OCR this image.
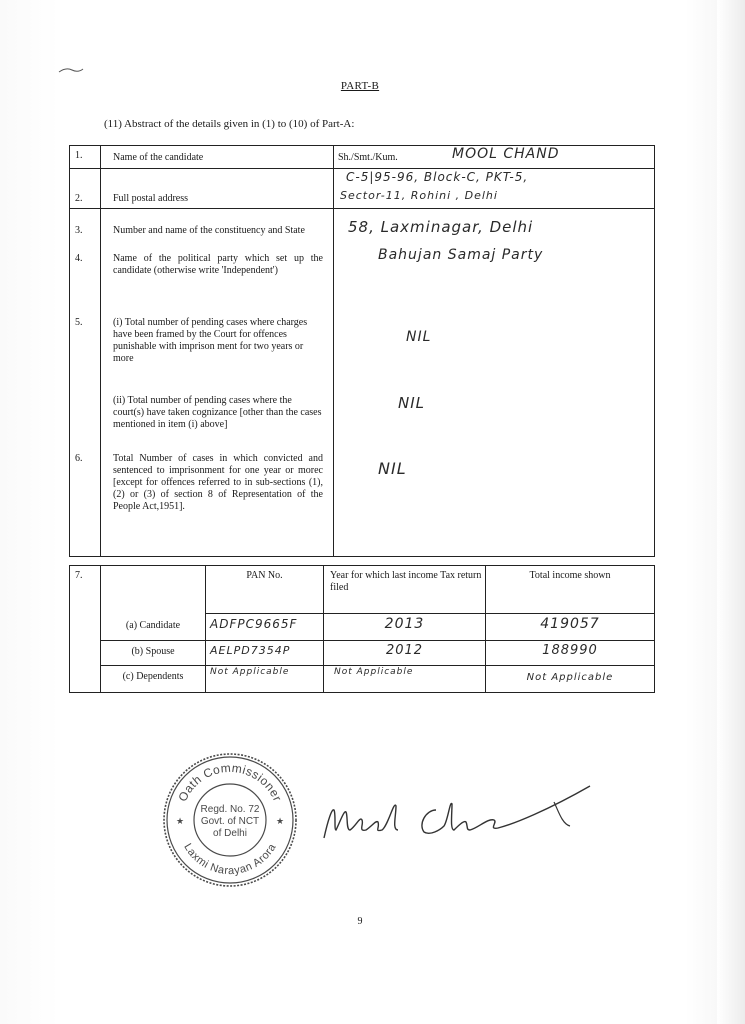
PART-B
(11) Abstract of the details given in (1) to (10) of Part-A:
1.	Name of the candidate	Sh./Smt./Kum. MOOL CHAND

2.	Full postal address	C-5|95-96, Block-C, PKT-5,
Sector-11, Rohini , Delhi

3.	Number and name of the constituency and State	58, Laxminagar, Delhi

4.	Name of the political party which set up the candidate (otherwise write 'Independent')	Bahujan Samaj Party

5.	(i) Total number of pending cases where charges have been framed by the Court for offences punishable with imprison ment for two years or more	NIL

	(ii) Total number of pending cases where the court(s) have taken cognizance [other than the cases mentioned in item (i) above]	NIL

6.	Total Number of cases in which convicted and sentenced to imprisonment for one year or morec [except for offences referred to in sub-sections (1), (2) or (3) of section 8 of Representation of the People Act,1951].	NIL
7.		PAN No.	Year for which last income Tax return filed	Total income shown
	(a) Candidate	ADFPC9665F	2013	419057
	(b) Spouse	AELPD7354P	2012	188990
	(c) Dependents	Not Applicable	Not Applicable	Not Applicable
Oath Commissioner
Laxmi Narayan Arora
Regd. No. 72
Govt. of NCT
of Delhi
★	★
9
